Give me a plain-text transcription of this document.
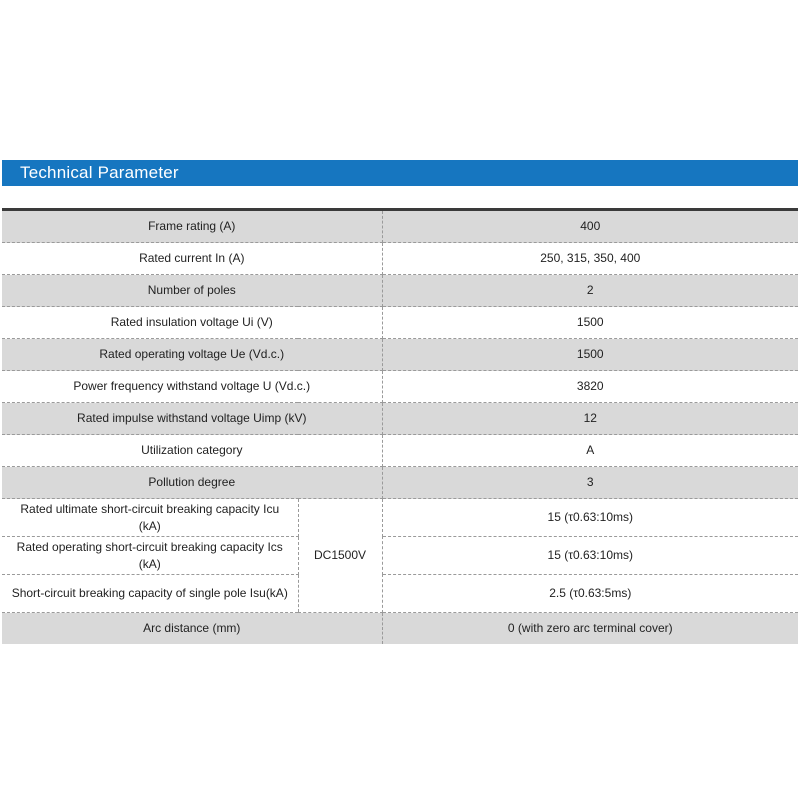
Technical Parameter
Frame rating (A)		400
Rated current In (A)		250, 315, 350, 400
Number of poles		2
Rated insulation voltage Ui (V)		1500
Rated operating voltage Ue (Vd.c.)		1500
Power frequency withstand voltage U (Vd.c.)		3820
Rated impulse withstand voltage Uimp (kV)		12
Utilization category		A
Pollution degree		3
Rated ultimate short-circuit breaking capacity Icu (kA)	DC1500V	15 (τ0.63:10ms)
Rated operating short-circuit breaking capacity Ics (kA)		15 (τ0.63:10ms)
Short-circuit breaking capacity of single pole Isu(kA)		2.5 (τ0.63:5ms)
Arc distance (mm)		0 (with zero arc terminal cover)
